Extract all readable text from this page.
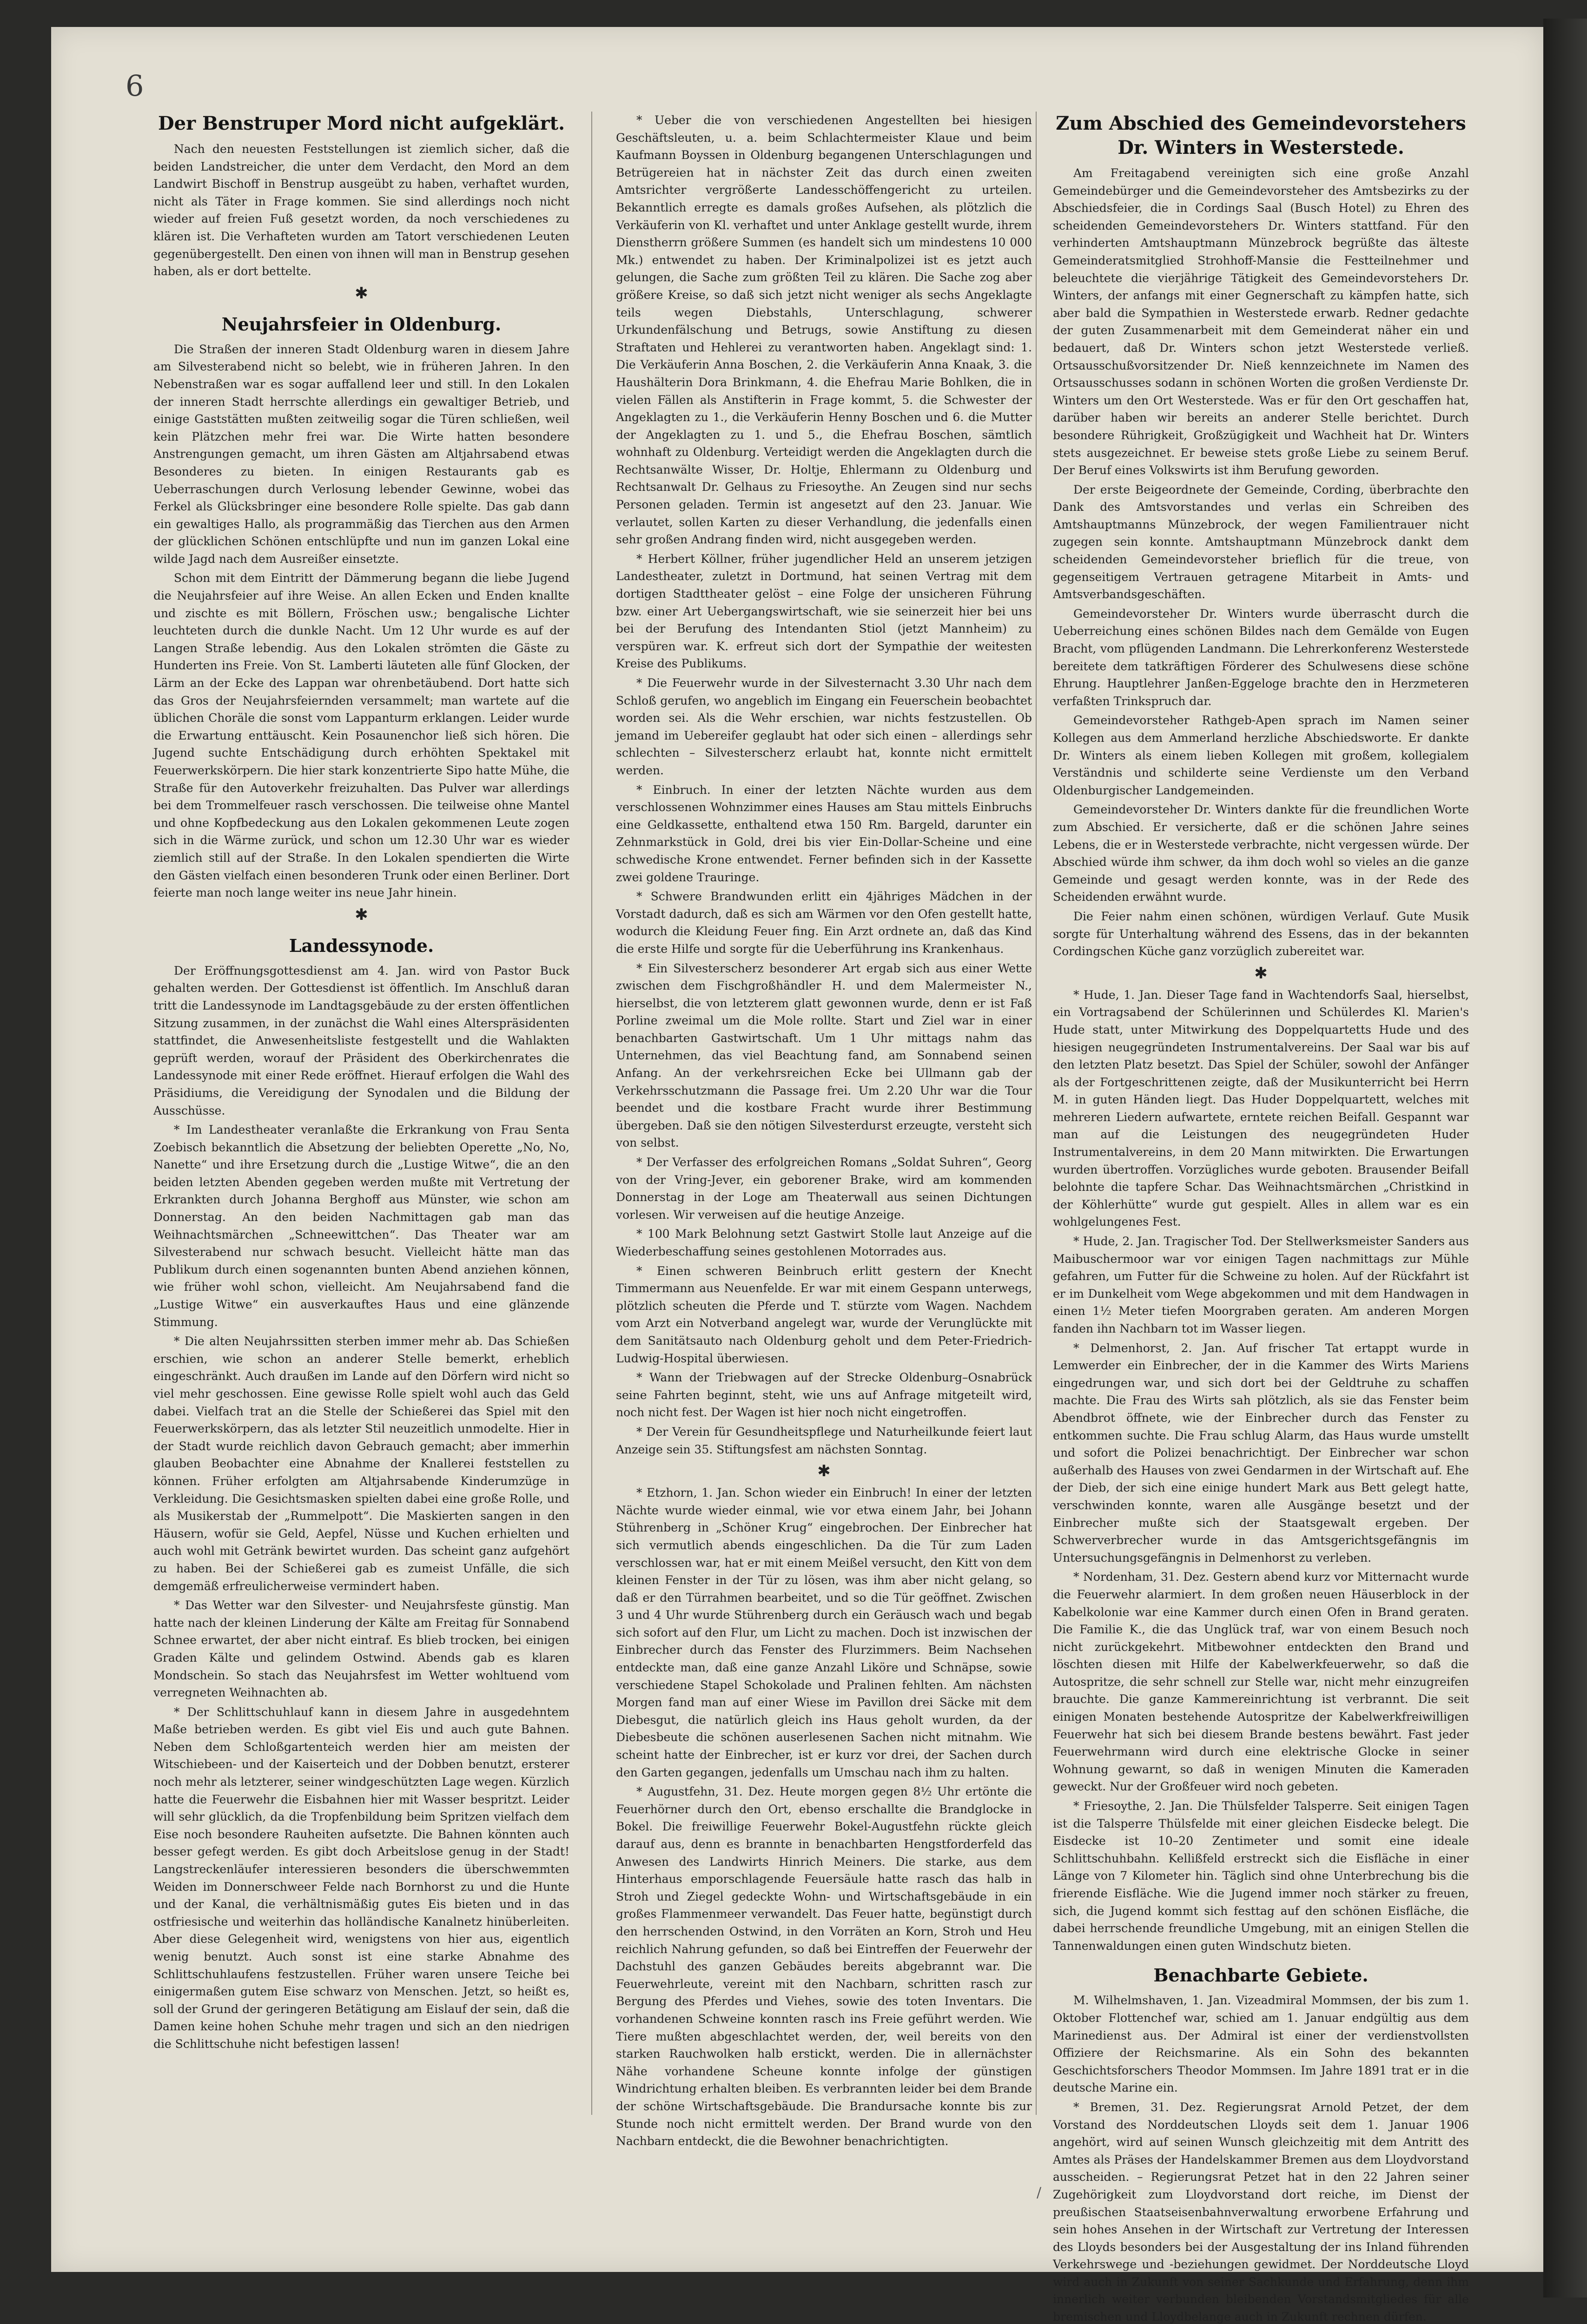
6
Der Benstruper Mord nicht aufgeklärt.

Nach den neuesten Feststellungen ist ziemlich sicher, daß die beiden Landstreicher, die unter dem Verdacht, den Mord an dem Landwirt Bischoff in Benstrup ausgeübt zu haben, verhaftet wurden, nicht als Täter in Frage kommen. Sie sind allerdings noch nicht wieder auf freien Fuß gesetzt worden, da noch verschiedenes zu klären ist. Die Verhafteten wurden am Tatort verschiedenen Leuten gegenübergestellt. Den einen von ihnen will man in Benstrup gesehen haben, als er dort bettelte.

✱
Neujahrsfeier in Oldenburg.

Die Straßen der inneren Stadt Oldenburg waren in diesem Jahre am Silvesterabend nicht so belebt, wie in früheren Jahren. In den Nebenstraßen war es sogar auffallend leer und still. In den Lokalen der inneren Stadt herrschte allerdings ein gewaltiger Betrieb, und einige Gaststätten mußten zeitweilig sogar die Türen schließen, weil kein Plätzchen mehr frei war. Die Wirte hatten besondere Anstrengungen gemacht, um ihren Gästen am Altjahrsabend etwas Besonderes zu bieten. In einigen Restaurants gab es Ueberraschungen durch Verlosung lebender Gewinne, wobei das Ferkel als Glücksbringer eine besondere Rolle spielte. Das gab dann ein gewaltiges Hallo, als programmäßig das Tierchen aus den Armen der glücklichen Schönen entschlüpfte und nun im ganzen Lokal eine wilde Jagd nach dem Ausreißer einsetzte.

Schon mit dem Eintritt der Dämmerung begann die liebe Jugend die Neujahrsfeier auf ihre Weise. An allen Ecken und Enden knallte und zischte es mit Böllern, Fröschen usw.; bengalische Lichter leuchteten durch die dunkle Nacht. Um 12 Uhr wurde es auf der Langen Straße lebendig. Aus den Lokalen strömten die Gäste zu Hunderten ins Freie. Von St. Lamberti läuteten alle fünf Glocken, der Lärm an der Ecke des Lappan war ohrenbetäubend. Dort hatte sich das Gros der Neujahrsfeiernden versammelt; man wartete auf die üblichen Choräle die sonst vom Lappanturm erklangen. Leider wurde die Erwartung enttäuscht. Kein Posaunenchor ließ sich hören. Die Jugend suchte Entschädigung durch erhöhten Spektakel mit Feuerwerkskörpern. Die hier stark konzentrierte Sipo hatte Mühe, die Straße für den Autoverkehr freizuhalten. Das Pulver war allerdings bei dem Trommelfeuer rasch verschossen. Die teilweise ohne Mantel und ohne Kopfbedeckung aus den Lokalen gekommenen Leute zogen sich in die Wärme zurück, und schon um 12.30 Uhr war es wieder ziemlich still auf der Straße. In den Lokalen spendierten die Wirte den Gästen vielfach einen besonderen Trunk oder einen Berliner. Dort feierte man noch lange weiter ins neue Jahr hinein.

✱
Landessynode.

Der Eröffnungsgottesdienst am 4. Jan. wird von Pastor Buck gehalten werden. Der Gottesdienst ist öffentlich. Im Anschluß daran tritt die Landessynode im Landtagsgebäude zu der ersten öffentlichen Sitzung zusammen, in der zunächst die Wahl eines Alterspräsidenten stattfindet, die Anwesenheitsliste festgestellt und die Wahlakten geprüft werden, worauf der Präsident des Oberkirchenrates die Landessynode mit einer Rede eröffnet. Hierauf erfolgen die Wahl des Präsidiums, die Vereidigung der Synodalen und die Bildung der Ausschüsse.

* Im Landestheater veranlaßte die Erkrankung von Frau Senta Zoebisch bekanntlich die Absetzung der beliebten Operette „No, No, Nanette“ und ihre Ersetzung durch die „Lustige Witwe“, die an den beiden letzten Abenden gegeben werden mußte mit Vertretung der Erkrankten durch Johanna Berghoff aus Münster, wie schon am Donnerstag. An den beiden Nachmittagen gab man das Weihnachtsmärchen „Schneewittchen“. Das Theater war am Silvesterabend nur schwach besucht. Vielleicht hätte man das Publikum durch einen sogenannten bunten Abend anziehen können, wie früher wohl schon, vielleicht. Am Neujahrsabend fand die „Lustige Witwe“ ein ausverkauftes Haus und eine glänzende Stimmung.

* Die alten Neujahrssitten sterben immer mehr ab. Das Schießen erschien, wie schon an anderer Stelle bemerkt, erheblich eingeschränkt. Auch draußen im Lande auf den Dörfern wird nicht so viel mehr geschossen. Eine gewisse Rolle spielt wohl auch das Geld dabei. Vielfach trat an die Stelle der Schießerei das Spiel mit den Feuerwerkskörpern, das als letzter Stil neuzeitlich unmodelte. Hier in der Stadt wurde reichlich davon Gebrauch gemacht; aber immerhin glauben Beobachter eine Abnahme der Knallerei feststellen zu können. Früher erfolgten am Altjahrsabende Kinderumzüge in Verkleidung. Die Gesichtsmasken spielten dabei eine große Rolle, und als Musikerstab der „Rummelpott“. Die Maskierten sangen in den Häusern, wofür sie Geld, Aepfel, Nüsse und Kuchen erhielten und auch wohl mit Getränk bewirtet wurden. Das scheint ganz aufgehört zu haben. Bei der Schießerei gab es zumeist Unfälle, die sich demgemäß erfreulicherweise vermindert haben.

* Das Wetter war den Silvester- und Neujahrsfeste günstig. Man hatte nach der kleinen Linderung der Kälte am Freitag für Sonnabend Schnee erwartet, der aber nicht eintraf. Es blieb trocken, bei einigen Graden Kälte und gelindem Ostwind. Abends gab es klaren Mondschein. So stach das Neujahrsfest im Wetter wohltuend vom verregneten Weihnachten ab.

* Der Schlittschuhlauf kann in diesem Jahre in ausgedehntem Maße betrieben werden. Es gibt viel Eis und auch gute Bahnen. Neben dem Schloßgartenteich werden hier am meisten der Witschiebeen- und der Kaiserteich und der Dobben benutzt, ersterer noch mehr als letzterer, seiner windgeschützten Lage wegen. Kürzlich hatte die Feuerwehr die Eisbahnen hier mit Wasser bespritzt. Leider will sehr glücklich, da die Tropfenbildung beim Spritzen vielfach dem Eise noch besondere Rauheiten aufsetzte. Die Bahnen könnten auch besser gefegt werden. Es gibt doch Arbeitslose genug in der Stadt! Langstreckenläufer interessieren besonders die überschwemmten Weiden im Donnerschweer Felde nach Bornhorst zu und die Hunte und der Kanal, die verhältnismäßig gutes Eis bieten und in das ostfriesische und weiterhin das holländische Kanalnetz hinüberleiten. Aber diese Gelegenheit wird, wenigstens von hier aus, eigentlich wenig benutzt. Auch sonst ist eine starke Abnahme des Schlittschuhlaufens festzustellen. Früher waren unsere Teiche bei einigermaßen gutem Eise schwarz von Menschen. Jetzt, so heißt es, soll der Grund der geringeren Betätigung am Eislauf der sein, daß die Damen keine hohen Schuhe mehr tragen und sich an den niedrigen die Schlittschuhe nicht befestigen lassen!

* Ueber die von verschiedenen Angestellten bei hiesigen Geschäftsleuten, u. a. beim Schlachtermeister Klaue und beim Kaufmann Boyssen in Oldenburg begangenen Unterschlagungen und Betrügereien hat in nächster Zeit das durch einen zweiten Amtsrichter vergrößerte Landesschöffengericht zu urteilen. Bekanntlich erregte es damals großes Aufsehen, als plötzlich die Verkäuferin von Kl. verhaftet und unter Anklage gestellt wurde, ihrem Dienstherrn größere Summen (es handelt sich um mindestens 10 000 Mk.) entwendet zu haben. Der Kriminalpolizei ist es jetzt auch gelungen, die Sache zum größten Teil zu klären. Die Sache zog aber größere Kreise, so daß sich jetzt nicht weniger als sechs Angeklagte teils wegen Diebstahls, Unterschlagung, schwerer Urkundenfälschung und Betrugs, sowie Anstiftung zu diesen Straftaten und Hehlerei zu verantworten haben. Angeklagt sind: 1. Die Verkäuferin Anna Boschen, 2. die Verkäuferin Anna Knaak, 3. die Haushälterin Dora Brinkmann, 4. die Ehefrau Marie Bohlken, die in vielen Fällen als Anstifterin in Frage kommt, 5. die Schwester der Angeklagten zu 1., die Verkäuferin Henny Boschen und 6. die Mutter der Angeklagten zu 1. und 5., die Ehefrau Boschen, sämtlich wohnhaft zu Oldenburg. Verteidigt werden die Angeklagten durch die Rechtsanwälte Wisser, Dr. Holtje, Ehlermann zu Oldenburg und Rechtsanwalt Dr. Gelhaus zu Friesoythe. An Zeugen sind nur sechs Personen geladen. Termin ist angesetzt auf den 23. Januar. Wie verlautet, sollen Karten zu dieser Verhandlung, die jedenfalls einen sehr großen Andrang finden wird, nicht ausgegeben werden.

* Herbert Köllner, früher jugendlicher Held an unserem jetzigen Landestheater, zuletzt in Dortmund, hat seinen Vertrag mit dem dortigen Stadttheater gelöst – eine Folge der unsicheren Führung bzw. einer Art Uebergangswirtschaft, wie sie seinerzeit hier bei uns bei der Berufung des Intendanten Stiol (jetzt Mannheim) zu verspüren war. K. erfreut sich dort der Sympathie der weitesten Kreise des Publikums.

* Die Feuerwehr wurde in der Silvesternacht 3.30 Uhr nach dem Schloß gerufen, wo angeblich im Eingang ein Feuerschein beobachtet worden sei. Als die Wehr erschien, war nichts festzustellen. Ob jemand im Uebereifer geglaubt hat oder sich einen – allerdings sehr schlechten – Silvesterscherz erlaubt hat, konnte nicht ermittelt werden.

* Einbruch. In einer der letzten Nächte wurden aus dem verschlossenen Wohnzimmer eines Hauses am Stau mittels Einbruchs eine Geldkassette, enthaltend etwa 150 Rm. Bargeld, darunter ein Zehnmarkstück in Gold, drei bis vier Ein-Dollar-Scheine und eine schwedische Krone entwendet. Ferner befinden sich in der Kassette zwei goldene Trauringe.

* Schwere Brandwunden erlitt ein 4jähriges Mädchen in der Vorstadt dadurch, daß es sich am Wärmen vor den Ofen gestellt hatte, wodurch die Kleidung Feuer fing. Ein Arzt ordnete an, daß das Kind die erste Hilfe und sorgte für die Ueberführung ins Krankenhaus.

* Ein Silvesterscherz besonderer Art ergab sich aus einer Wette zwischen dem Fischgroßhändler H. und dem Malermeister N., hierselbst, die von letzterem glatt gewonnen wurde, denn er ist Faß Porline zweimal um die Mole rollte. Start und Ziel war in einer benachbarten Gastwirtschaft. Um 1 Uhr mittags nahm das Unternehmen, das viel Beachtung fand, am Sonnabend seinen Anfang. An der verkehrsreichen Ecke bei Ullmann gab der Verkehrsschutzmann die Passage frei. Um 2.20 Uhr war die Tour beendet und die kostbare Fracht wurde ihrer Bestimmung übergeben. Daß sie den nötigen Silvesterdurst erzeugte, versteht sich von selbst.

* Der Verfasser des erfolgreichen Romans „Soldat Suhren“, Georg von der Vring-Jever, ein geborener Brake, wird am kommenden Donnerstag in der Loge am Theaterwall aus seinen Dichtungen vorlesen. Wir verweisen auf die heutige Anzeige.

* 100 Mark Belohnung setzt Gastwirt Stolle laut Anzeige auf die Wiederbeschaffung seines gestohlenen Motorrades aus.

* Einen schweren Beinbruch erlitt gestern der Knecht Timmermann aus Neuenfelde. Er war mit einem Gespann unterwegs, plötzlich scheuten die Pferde und T. stürzte vom Wagen. Nachdem vom Arzt ein Notverband angelegt war, wurde der Verunglückte mit dem Sanitätsauto nach Oldenburg geholt und dem Peter-Friedrich-Ludwig-Hospital überwiesen.

* Wann der Triebwagen auf der Strecke Oldenburg–Osnabrück seine Fahrten beginnt, steht, wie uns auf Anfrage mitgeteilt wird, noch nicht fest. Der Wagen ist hier noch nicht eingetroffen.

* Der Verein für Gesundheitspflege und Naturheilkunde feiert laut Anzeige sein 35. Stiftungsfest am nächsten Sonntag.

✱

* Etzhorn, 1. Jan. Schon wieder ein Einbruch! In einer der letzten Nächte wurde wieder einmal, wie vor etwa einem Jahr, bei Johann Stührenberg in „Schöner Krug“ eingebrochen. Der Einbrecher hat sich vermutlich abends eingeschlichen. Da die Tür zum Laden verschlossen war, hat er mit einem Meißel versucht, den Kitt von dem kleinen Fenster in der Tür zu lösen, was ihm aber nicht gelang, so daß er den Türrahmen bearbeitet, und so die Tür geöffnet. Zwischen 3 und 4 Uhr wurde Stührenberg durch ein Geräusch wach und begab sich sofort auf den Flur, um Licht zu machen. Doch ist inzwischen der Einbrecher durch das Fenster des Flurzimmers. Beim Nachsehen entdeckte man, daß eine ganze Anzahl Liköre und Schnäpse, sowie verschiedene Stapel Schokolade und Pralinen fehlten. Am nächsten Morgen fand man auf einer Wiese im Pavillon drei Säcke mit dem Diebesgut, die natürlich gleich ins Haus geholt wurden, da der Diebesbeute die schönen auserlesenen Sachen nicht mitnahm. Wie scheint hatte der Einbrecher, ist er kurz vor drei, der Sachen durch den Garten gegangen, jedenfalls um Umschau nach ihm zu halten.

* Augustfehn, 31. Dez. Heute morgen gegen 8½ Uhr ertönte die Feuerhörner durch den Ort, ebenso erschallte die Brandglocke in Bokel. Die freiwillige Feuerwehr Bokel-Augustfehn rückte gleich darauf aus, denn es brannte in benachbarten Hengstforderfeld das Anwesen des Landwirts Hinrich Meiners. Die starke, aus dem Hinterhaus emporschlagende Feuersäule hatte rasch das halb in Stroh und Ziegel gedeckte Wohn- und Wirtschaftsgebäude in ein großes Flammenmeer verwandelt. Das Feuer hatte, begünstigt durch den herrschenden Ostwind, in den Vorräten an Korn, Stroh und Heu reichlich Nahrung gefunden, so daß bei Eintreffen der Feuerwehr der Dachstuhl des ganzen Gebäudes bereits abgebrannt war. Die Feuerwehrleute, vereint mit den Nachbarn, schritten rasch zur Bergung des Pferdes und Viehes, sowie des toten Inventars. Die vorhandenen Schweine konnten rasch ins Freie geführt werden. Wie Tiere mußten abgeschlachtet werden, der, weil bereits von den starken Rauchwolken halb erstickt, werden. Die in allernächster Nähe vorhandene Scheune konnte infolge der günstigen Windrichtung erhalten bleiben. Es verbrannten leider bei dem Brande der schöne Wirtschaftsgebäude. Die Brandursache konnte bis zur Stunde noch nicht ermittelt werden. Der Brand wurde von den Nachbarn entdeckt, die die Bewohner benachrichtigten.

Zum Abschied des Gemeindevorstehers Dr. Winters in Westerstede.

Am Freitagabend vereinigten sich eine große Anzahl Gemeindebürger und die Gemeindevorsteher des Amtsbezirks zu der Abschiedsfeier, die in Cordings Saal (Busch Hotel) zu Ehren des scheidenden Gemeindevorstehers Dr. Winters stattfand. Für den verhinderten Amtshauptmann Münzebrock begrüßte das älteste Gemeinderatsmitglied Strohhoff-Mansie die Festteilnehmer und beleuchtete die vierjährige Tätigkeit des Gemeindevorstehers Dr. Winters, der anfangs mit einer Gegnerschaft zu kämpfen hatte, sich aber bald die Sympathien in Westerstede erwarb. Redner gedachte der guten Zusammenarbeit mit dem Gemeinderat näher ein und bedauert, daß Dr. Winters schon jetzt Westerstede verließ. Ortsausschußvorsitzender Dr. Nieß kennzeichnete im Namen des Ortsausschusses sodann in schönen Worten die großen Verdienste Dr. Winters um den Ort Westerstede. Was er für den Ort geschaffen hat, darüber haben wir bereits an anderer Stelle berichtet. Durch besondere Rührigkeit, Großzügigkeit und Wachheit hat Dr. Winters stets ausgezeichnet. Er beweise stets große Liebe zu seinem Beruf. Der Beruf eines Volkswirts ist ihm Berufung geworden.

Der erste Beigeordnete der Gemeinde, Cording, überbrachte den Dank des Amtsvorstandes und verlas ein Schreiben des Amtshauptmanns Münzebrock, der wegen Familientrauer nicht zugegen sein konnte. Amtshauptmann Münzebrock dankt dem scheidenden Gemeindevorsteher brieflich für die treue, von gegenseitigem Vertrauen getragene Mitarbeit in Amts- und Amtsverbandsgeschäften.

Gemeindevorsteher Dr. Winters wurde überrascht durch die Ueberreichung eines schönen Bildes nach dem Gemälde von Eugen Bracht, vom pflügenden Landmann. Die Lehrerkonferenz Westerstede bereitete dem tatkräftigen Förderer des Schulwesens diese schöne Ehrung. Hauptlehrer Janßen-Eggeloge brachte den in Herzmeteren verfaßten Trinkspruch dar.

Gemeindevorsteher Rathgeb-Apen sprach im Namen seiner Kollegen aus dem Ammerland herzliche Abschiedsworte. Er dankte Dr. Winters als einem lieben Kollegen mit großem, kollegialem Verständnis und schilderte seine Verdienste um den Verband Oldenburgischer Landgemeinden.

Gemeindevorsteher Dr. Winters dankte für die freundlichen Worte zum Abschied. Er versicherte, daß er die schönen Jahre seines Lebens, die er in Westerstede verbrachte, nicht vergessen würde. Der Abschied würde ihm schwer, da ihm doch wohl so vieles an die ganze Gemeinde und gesagt werden konnte, was in der Rede des Scheidenden erwähnt wurde.

Die Feier nahm einen schönen, würdigen Verlauf. Gute Musik sorgte für Unterhaltung während des Essens, das in der bekannten Cordingschen Küche ganz vorzüglich zubereitet war.

✱

* Hude, 1. Jan. Dieser Tage fand in Wachtendorfs Saal, hierselbst, ein Vortragsabend der Schülerinnen und Schülerdes Kl. Marien's Hude statt, unter Mitwirkung des Doppelquartetts Hude und des hiesigen neugegründeten Instrumentalvereins. Der Saal war bis auf den letzten Platz besetzt. Das Spiel der Schüler, sowohl der Anfänger als der Fortgeschrittenen zeigte, daß der Musikunterricht bei Herrn M. in guten Händen liegt. Das Huder Doppelquartett, welches mit mehreren Liedern aufwartete, erntete reichen Beifall. Gespannt war man auf die Leistungen des neugegründeten Huder Instrumentalvereins, in dem 20 Mann mitwirkten. Die Erwartungen wurden übertroffen. Vorzügliches wurde geboten. Brausender Beifall belohnte die tapfere Schar. Das Weihnachtsmärchen „Christkind in der Köhlerhütte“ wurde gut gespielt. Alles in allem war es ein wohlgelungenes Fest.

* Hude, 2. Jan. Tragischer Tod. Der Stellwerksmeister Sanders aus Maibuschermoor war vor einigen Tagen nachmittags zur Mühle gefahren, um Futter für die Schweine zu holen. Auf der Rückfahrt ist er im Dunkelheit vom Wege abgekommen und mit dem Handwagen in einen 1½ Meter tiefen Moorgraben geraten. Am anderen Morgen fanden ihn Nachbarn tot im Wasser liegen.

* Delmenhorst, 2. Jan. Auf frischer Tat ertappt wurde in Lemwerder ein Einbrecher, der in die Kammer des Wirts Mariens eingedrungen war, und sich dort bei der Geldtruhe zu schaffen machte. Die Frau des Wirts sah plötzlich, als sie das Fenster beim Abendbrot öffnete, wie der Einbrecher durch das Fenster zu entkommen suchte. Die Frau schlug Alarm, das Haus wurde umstellt und sofort die Polizei benachrichtigt. Der Einbrecher war schon außerhalb des Hauses von zwei Gendarmen in der Wirtschaft auf. Ehe der Dieb, der sich eine einige hundert Mark aus Bett gelegt hatte, verschwinden konnte, waren alle Ausgänge besetzt und der Einbrecher mußte sich der Staatsgewalt ergeben. Der Schwerverbrecher wurde in das Amtsgerichtsgefängnis im Untersuchungsgefängnis in Delmenhorst zu verleben.

* Nordenham, 31. Dez. Gestern abend kurz vor Mitternacht wurde die Feuerwehr alarmiert. In dem großen neuen Häuserblock in der Kabelkolonie war eine Kammer durch einen Ofen in Brand geraten. Die Familie K., die das Unglück traf, war von einem Besuch noch nicht zurückgekehrt. Mitbewohner entdeckten den Brand und löschten diesen mit Hilfe der Kabelwerkfeuerwehr, so daß die Autospritze, die sehr schnell zur Stelle war, nicht mehr einzugreifen brauchte. Die ganze Kammereinrichtung ist verbrannt. Die seit einigen Monaten bestehende Autospritze der Kabelwerkfreiwilligen Feuerwehr hat sich bei diesem Brande bestens bewährt. Fast jeder Feuerwehrmann wird durch eine elektrische Glocke in seiner Wohnung gewarnt, so daß in wenigen Minuten die Kameraden geweckt. Nur der Großfeuer wird noch gebeten.

* Friesoythe, 2. Jan. Die Thülsfelder Talsperre. Seit einigen Tagen ist die Talsperre Thülsfelde mit einer gleichen Eisdecke belegt. Die Eisdecke ist 10–20 Zentimeter und somit eine ideale Schlittschuhbahn. Kellißfeld erstreckt sich die Eisfläche in einer Länge von 7 Kilometer hin. Täglich sind ohne Unterbrechung bis die frierende Eisfläche. Wie die Jugend immer noch stärker zu freuen, sich, die Jugend kommt sich festtag auf den schönen Eisfläche, die dabei herrschende freundliche Umgebung, mit an einigen Stellen die Tannenwaldungen einen guten Windschutz bieten.

Benachbarte Gebiete.

M. Wilhelmshaven, 1. Jan. Vizeadmiral Mommsen, der bis zum 1. Oktober Flottenchef war, schied am 1. Januar endgültig aus dem Marinedienst aus. Der Admiral ist einer der verdienstvollsten Offiziere der Reichsmarine. Als ein Sohn des bekannten Geschichtsforschers Theodor Mommsen. Im Jahre 1891 trat er in die deutsche Marine ein.

* Bremen, 31. Dez. Regierungsrat Arnold Petzet, der dem Vorstand des Norddeutschen Lloyds seit dem 1. Januar 1906 angehört, wird auf seinen Wunsch gleichzeitig mit dem Antritt des Amtes als Präses der Handelskammer Bremen aus dem Lloydvorstand ausscheiden. – Regierungsrat Petzet hat in den 22 Jahren seiner Zugehörigkeit zum Lloydvorstand dort reiche, im Dienst der preußischen Staatseisenbahnverwaltung erworbene Erfahrung und sein hohes Ansehen in der Wirtschaft zur Vertretung der Interessen des Lloyds besonders bei der Ausgestaltung der ins Inland führenden Verkehrswege und -beziehungen gewidmet. Der Norddeutsche Lloyd wird auch in Zukunft von seiner Sachkunde und Erfahrung, denn ihm innerlich weiter verbunden bleibenden Vorstandsmitgliedes für alle bremischen und Lloydbelange auch in Zukunft rechnen dürfen.

/
